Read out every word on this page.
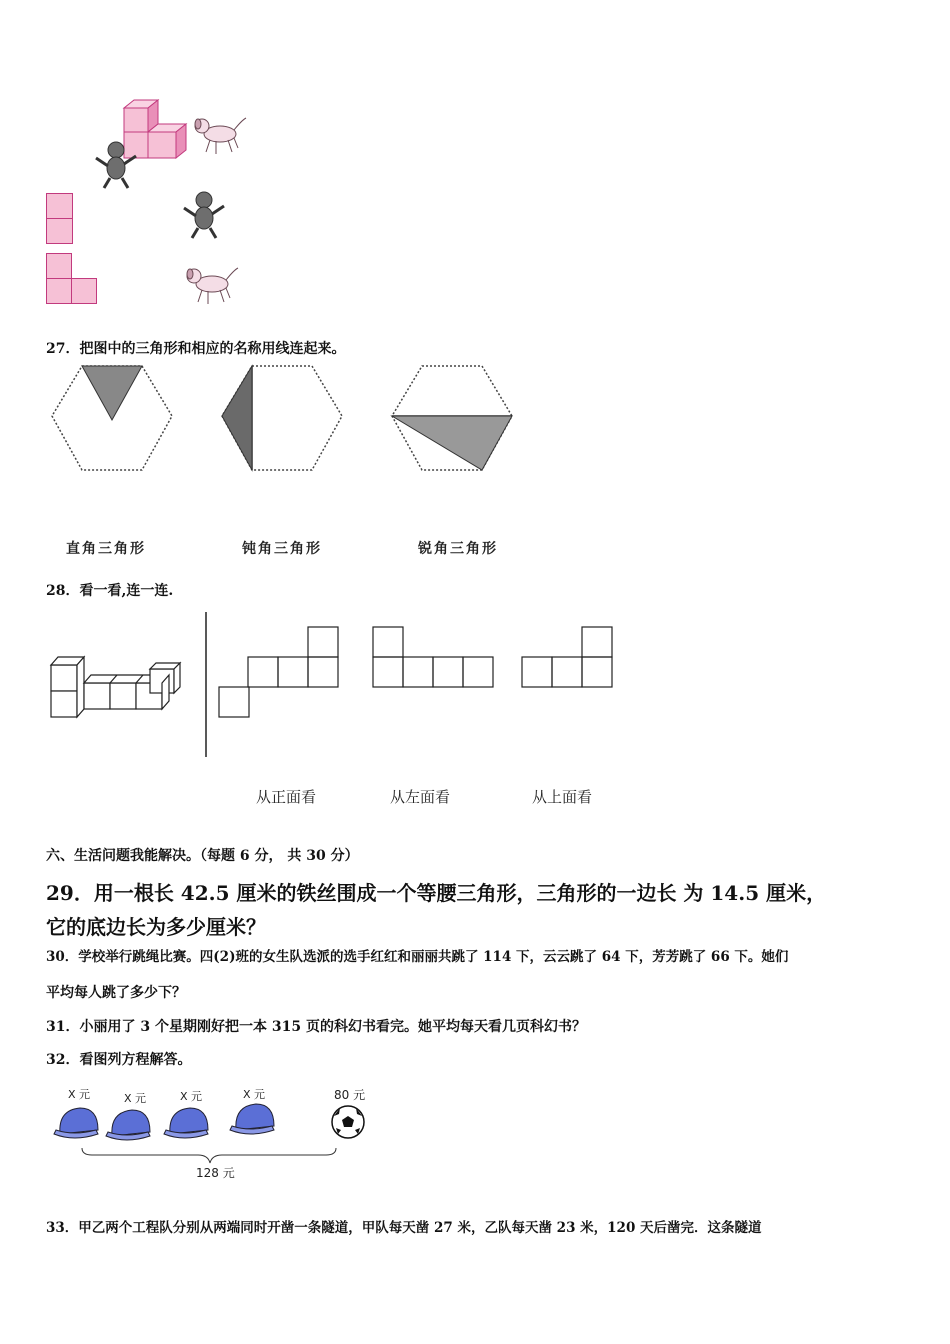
27．把图中的三角形和相应的名称用线连起来。
直角三角形	钝角三角形	锐角三角形
28．看一看,连一连.
从正面看	从左面看	从上面看
六、生活问题我能解决。（每题 6 分， 共 30 分）
29．用一根长 42.5 厘米的铁丝围成一个等腰三角形，三角形的一边长 为 14.5 厘米，
它的底边长为多少厘米？
30．学校举行跳绳比赛。四(2)班的女生队选派的选手红红和丽丽共跳了 114 下，云云跳了 64 下，芳芳跳了 66 下。她们
平均每人跳了多少下？
31．小丽用了 3 个星期刚好把一本 315 页的科幻书看完。她平均每天看几页科幻书？
32．看图列方程解答。
X 元	X 元	X 元	X 元	80 元
128 元
33．甲乙两个工程队分别从两端同时开凿一条隧道，甲队每天凿 27 米，乙队每天凿 23 米，120 天后凿完．这条隧道
